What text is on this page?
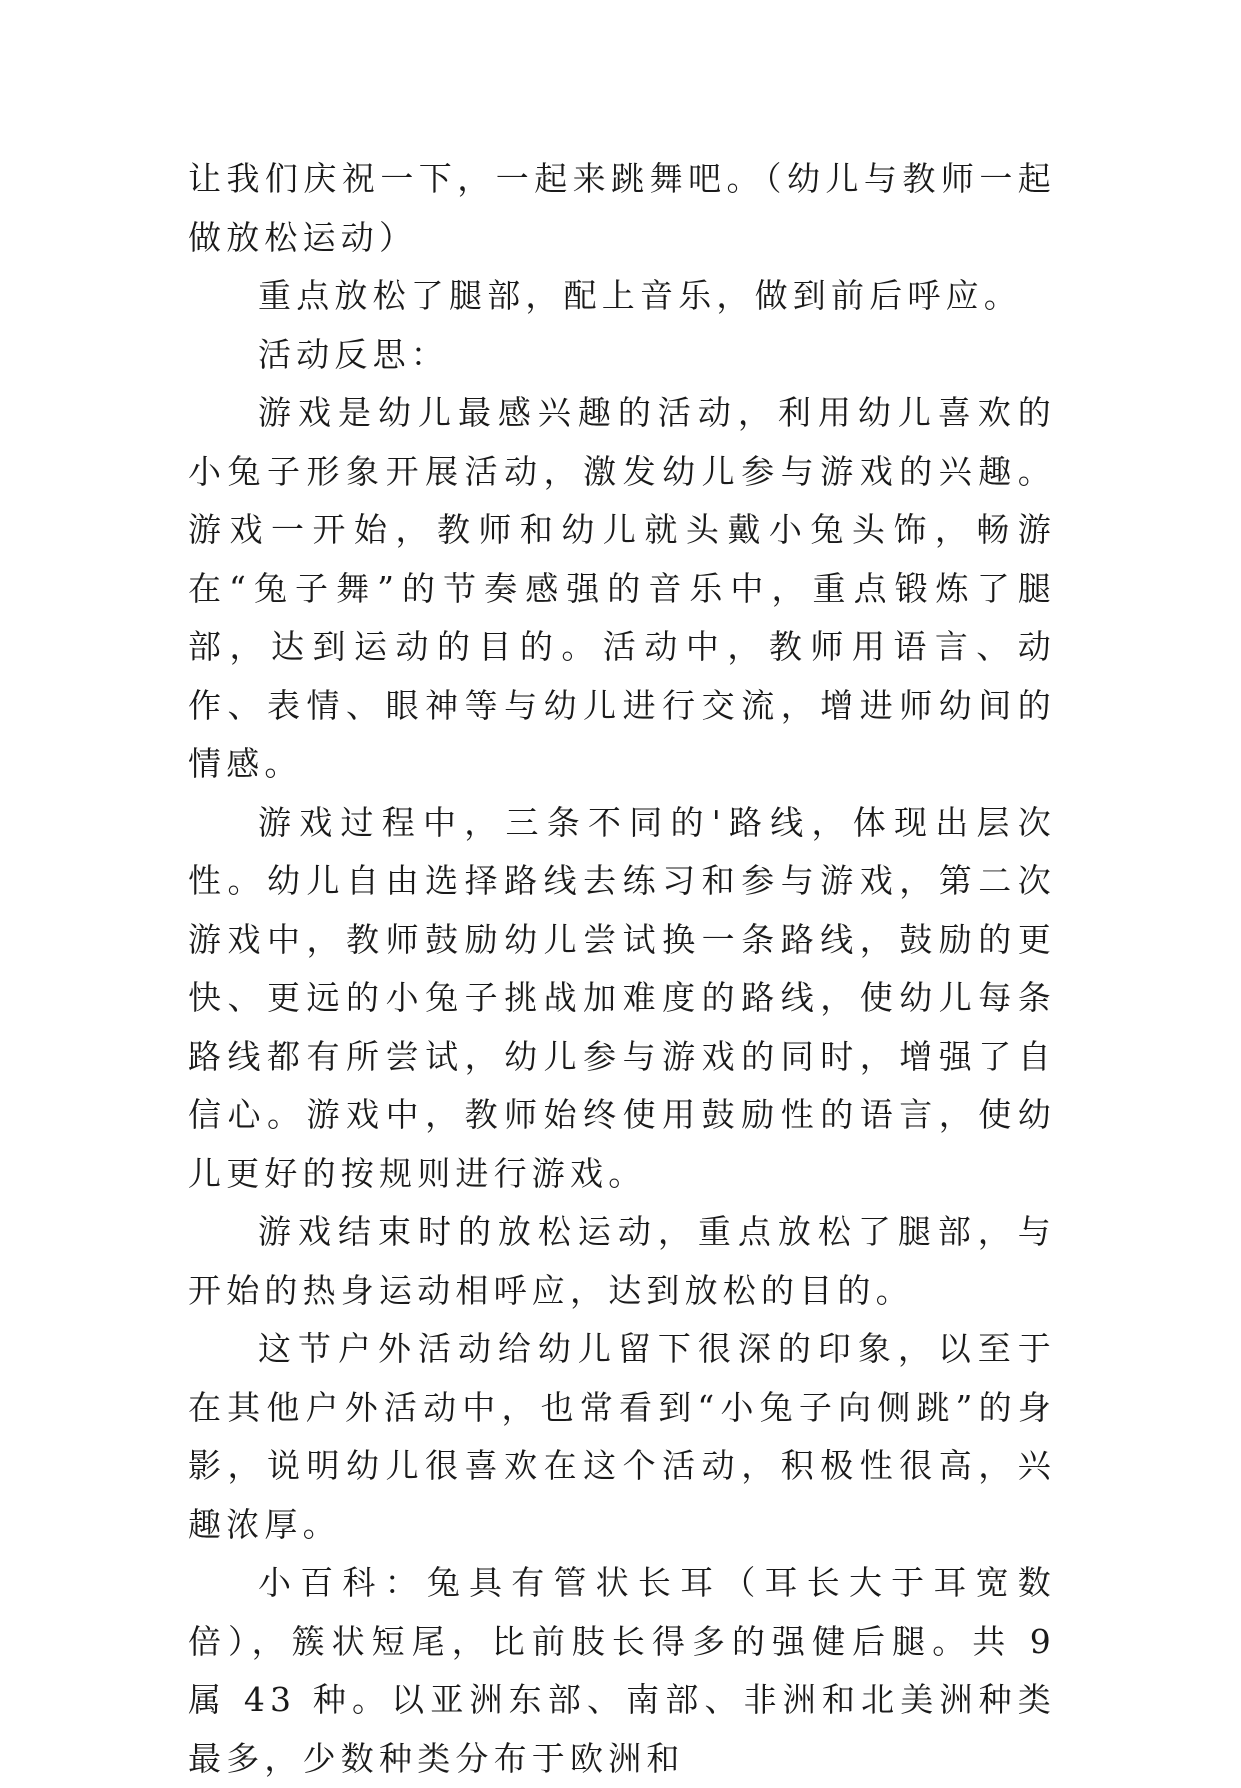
让我们庆祝一下，一起来跳舞吧。（幼儿与教师一起做放松运动）

重点放松了腿部，配上音乐，做到前后呼应。

活动反思：

游戏是幼儿最感兴趣的活动，利用幼儿喜欢的小兔子形象开展活动，激发幼儿参与游戏的兴趣。游戏一开始，教师和幼儿就头戴小兔头饰，畅游在“兔子舞”的节奏感强的音乐中，重点锻炼了腿部，达到运动的目的。活动中，教师用语言、动作、表情、眼神等与幼儿进行交流，增进师幼间的情感。

游戏过程中，三条不同的'路线，体现出层次性。幼儿自由选择路线去练习和参与游戏，第二次游戏中，教师鼓励幼儿尝试换一条路线，鼓励的更快、更远的小兔子挑战加难度的路线，使幼儿每条路线都有所尝试，幼儿参与游戏的同时，增强了自信心。游戏中，教师始终使用鼓励性的语言，使幼儿更好的按规则进行游戏。

游戏结束时的放松运动，重点放松了腿部，与开始的热身运动相呼应，达到放松的目的。

这节户外活动给幼儿留下很深的印象，以至于在其他户外活动中，也常看到“小兔子向侧跳”的身影，说明幼儿很喜欢在这个活动，积极性很高，兴趣浓厚。

小百科：兔具有管状长耳（耳长大于耳宽数倍），簇状短尾，比前肢长得多的强健后腿。共 9 属 43 种。以亚洲东部、南部、非洲和北美洲种类最多，少数种类分布于欧洲和
